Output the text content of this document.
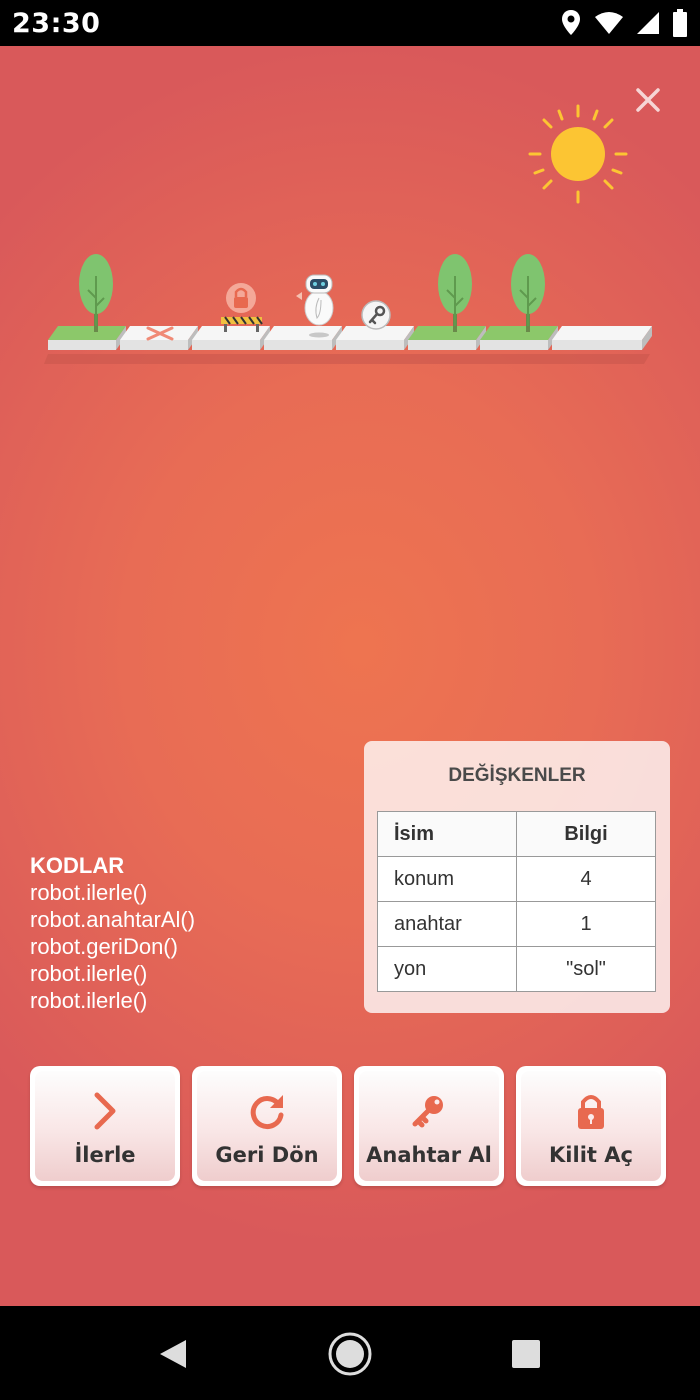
23:30
KODLAR
robot.ilerle()
robot.anahtarAl()
robot.geriDon()
robot.ilerle()
robot.ilerle()
DEĞİŞKENLER
İsim	Bilgi
konum	4
anahtar	1
yon	"sol"
İlerle	Geri Dön	Anahtar Al	Kilit Aç
